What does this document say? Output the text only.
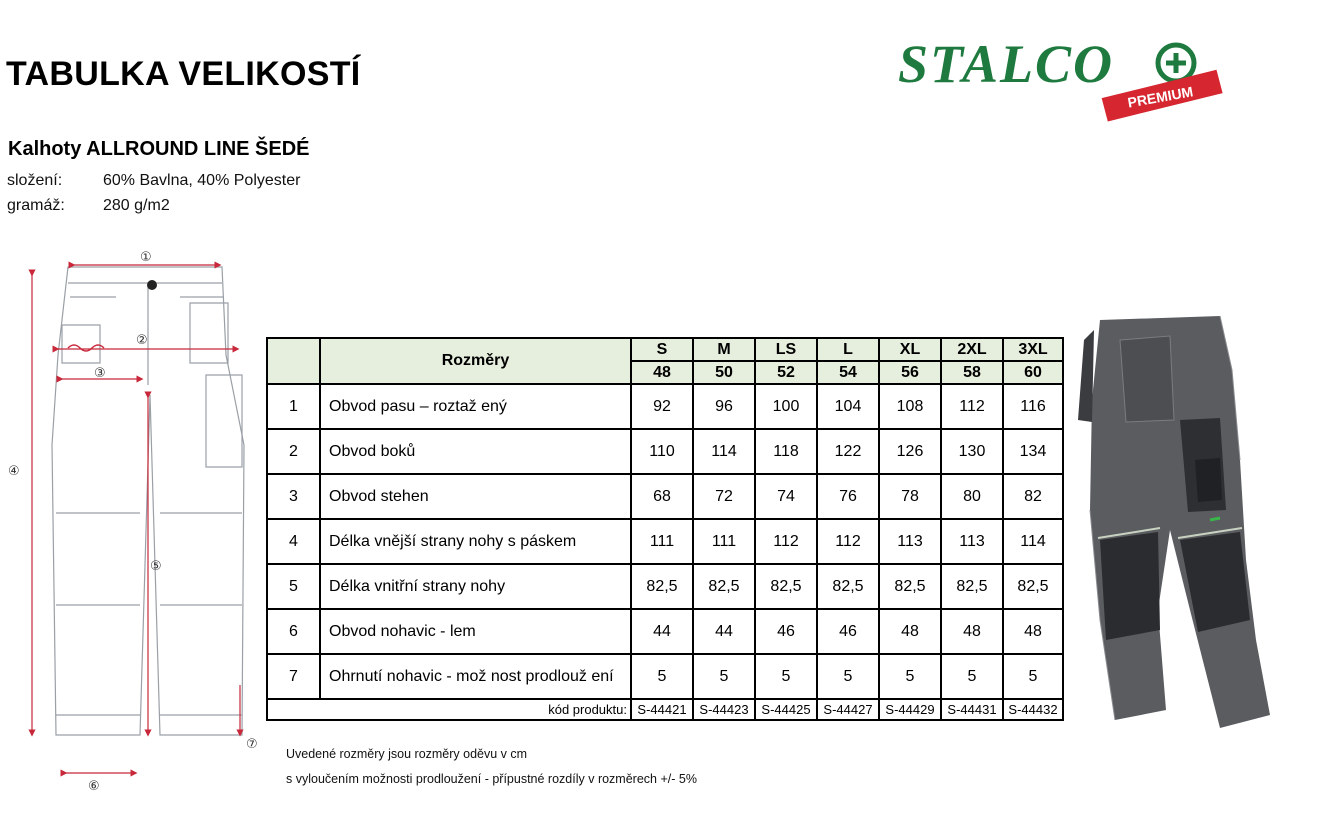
TABULKA VELIKOSTÍ	STALCO
PREMIUM
Kalhoty ALLROUND LINE ŠEDÉ
složení:	60% Bavlna, 40% Polyester
gramáž: 280 g/m2
①
②
③
④
⑤
⑥
⑦
	Rozměry	S	M	LS	L	XL	2XL	3XL
		48	50	52	54	56	58	60
1	Obvod pasu – roztaž ený	92	96	100	104	108	112	116
2	Obvod boků	110	114	118	122	126	130	134
3	Obvod stehen	68	72	74	76	78	80	82
4	Délka vnější strany nohy s páskem	111	111	112	112	113	113	114
5	Délka vnitřní strany nohy	82,5	82,5	82,5	82,5	82,5	82,5	82,5
6	Obvod nohavic - lem	44	44	46	46	48	48	48
7	Ohrnutí nohavic - mož nost prodlouž ení	5	5	5	5	5	5	5
kód produktu:		S-44421	S-44423	S-44425	S-44427	S-44429	S-44431	S-44432
Uvedené rozměry jsou rozměry oděvu v cm
s vyloučením možnosti prodloužení - přípustné rozdíly v rozměrech +/- 5%
